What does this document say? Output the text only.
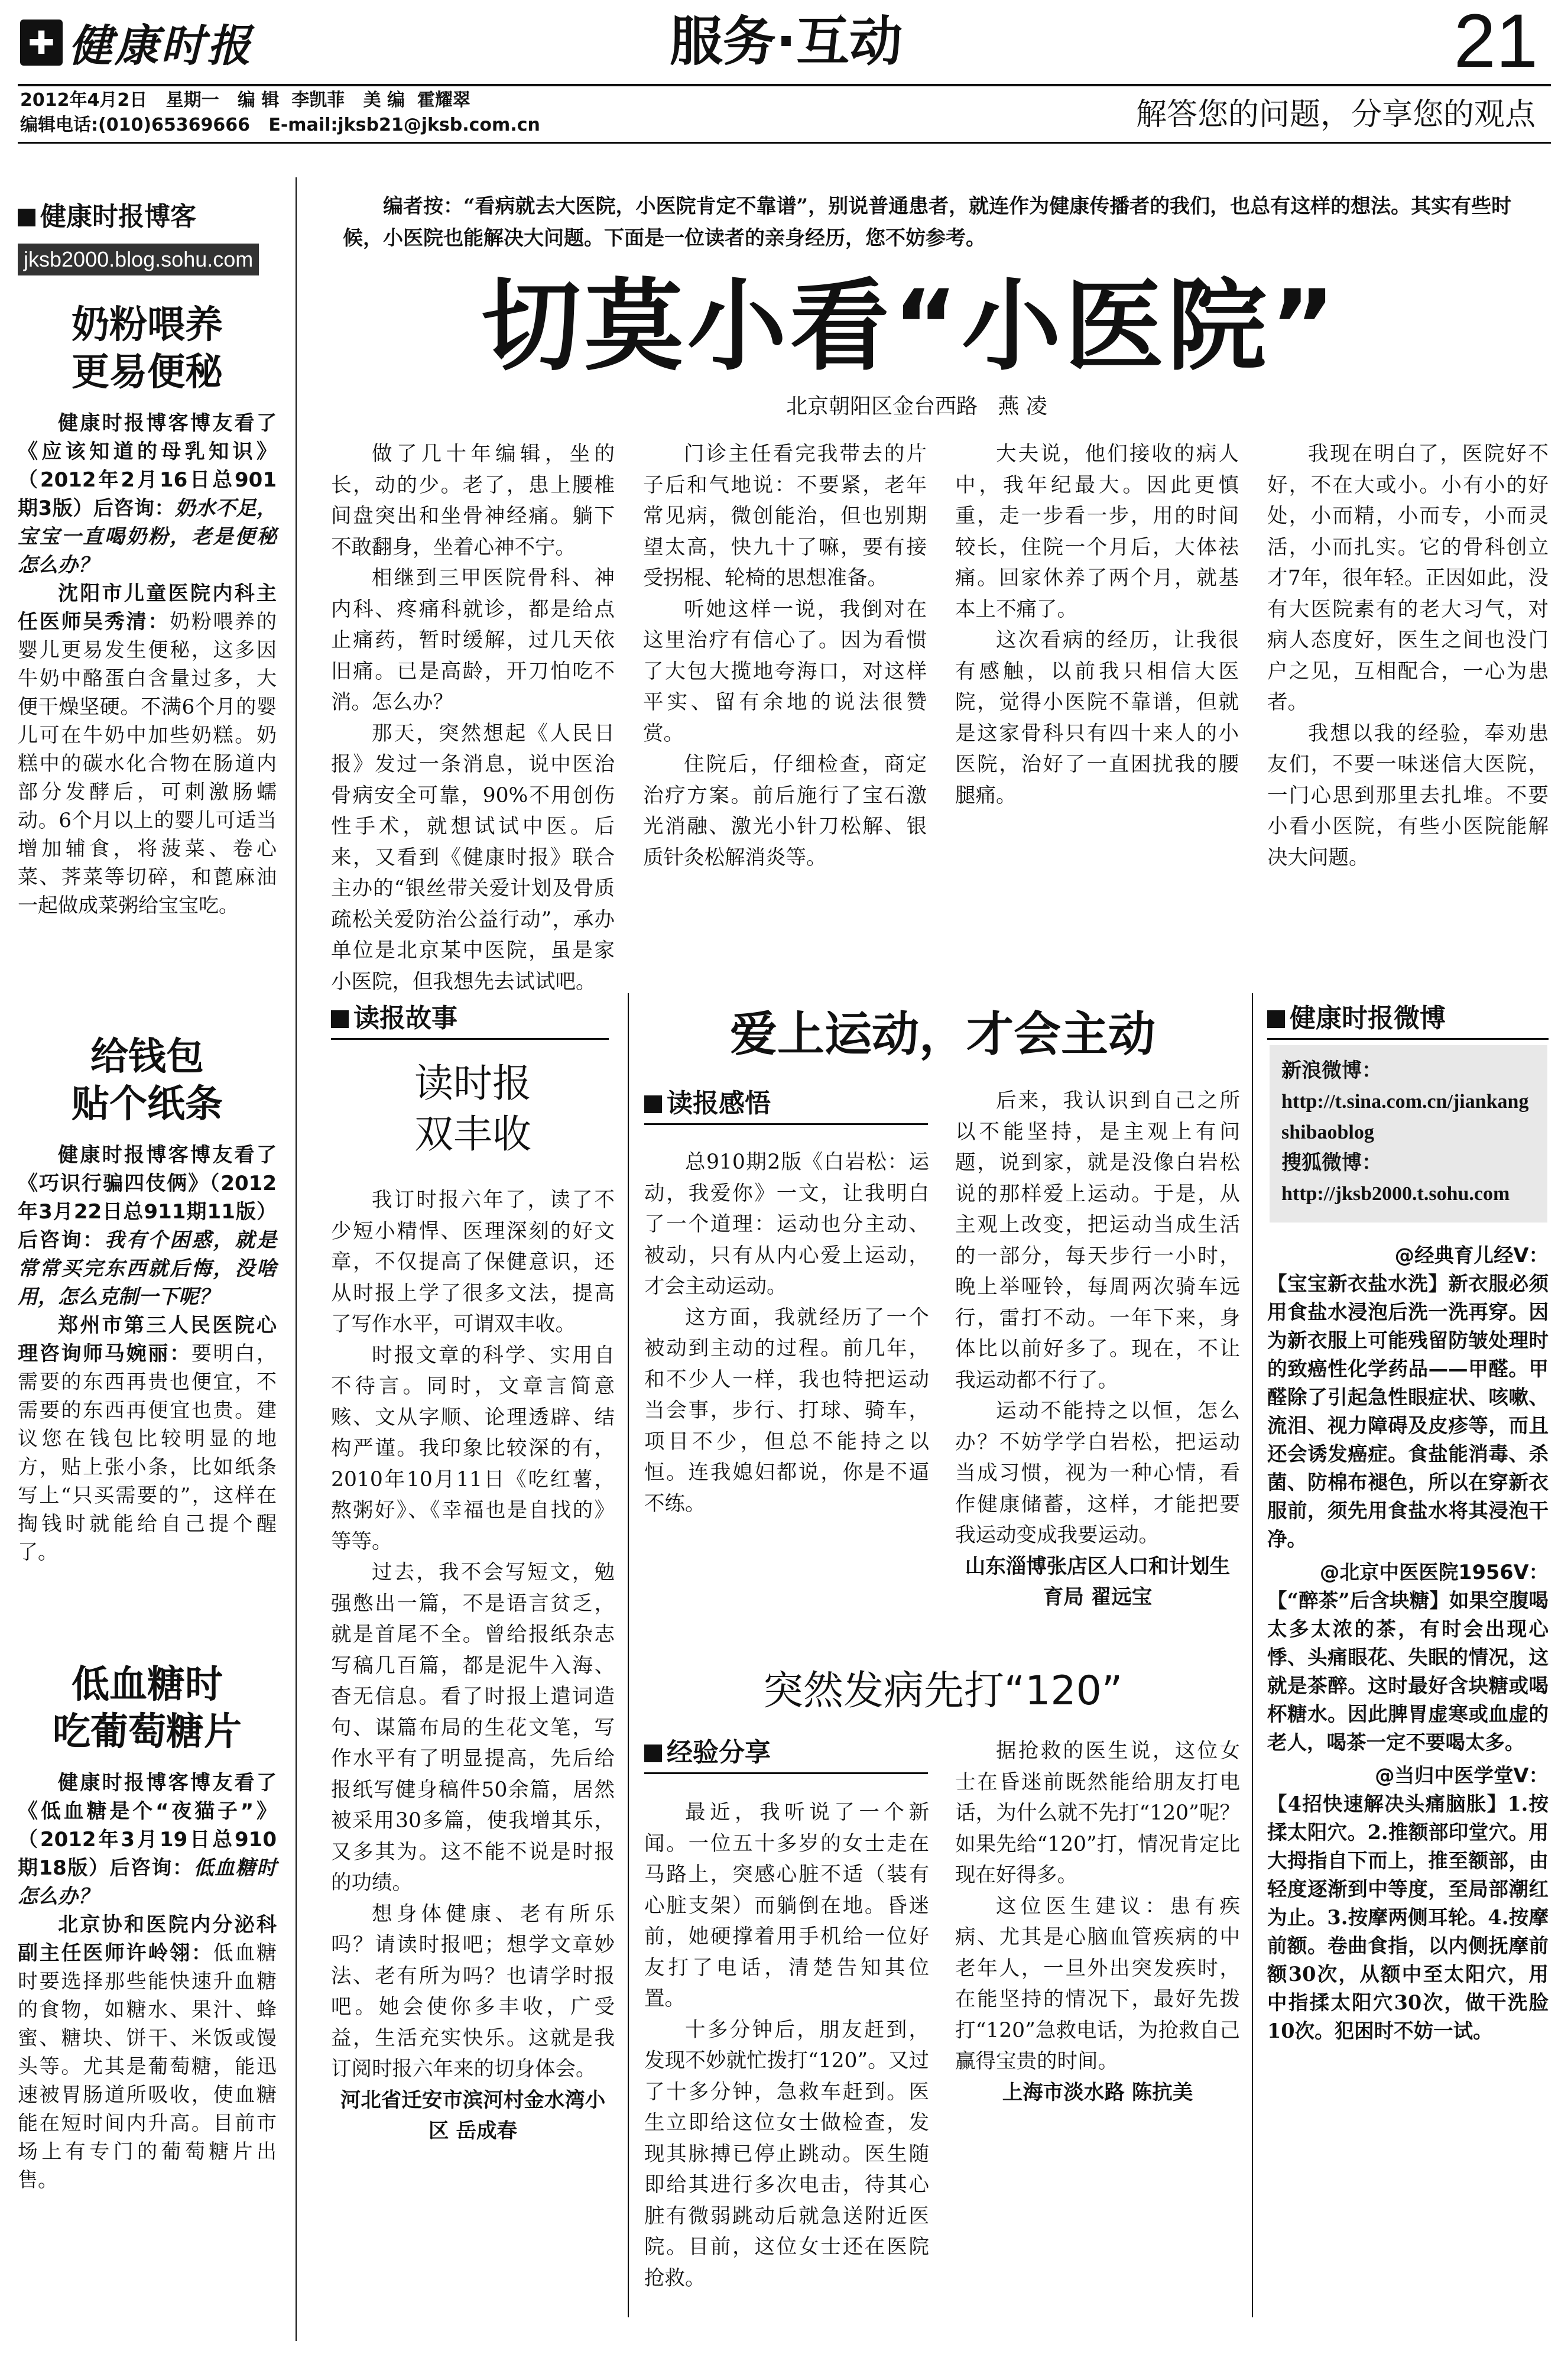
✚ 健康时报	服务·互动	21
2012年4月2日   星期一   编 辑  李凯菲   美 编  霍耀翠
编辑电话:(010)65369666   E-mail:jksb21@jksb.com.cn	解答您的问题，分享您的观点
健康时报博客
jksb2000.blog.sohu.com
奶粉喂养
更易便秘

健康时报博客博友看了《应该知道的母乳知识》（2012年2月16日总901期3版）后咨询：奶水不足，宝宝一直喝奶粉，老是便秘怎么办？

沈阳市儿童医院内科主任医师吴秀清：奶粉喂养的婴儿更易发生便秘，这多因牛奶中酪蛋白含量过多，大便干燥坚硬。不满6个月的婴儿可在牛奶中加些奶糕。奶糕中的碳水化合物在肠道内部分发酵后，可刺激肠蠕动。6个月以上的婴儿可适当增加辅食，将菠菜、卷心菜、荠菜等切碎，和蓖麻油一起做成菜粥给宝宝吃。

给钱包
贴个纸条

健康时报博客博友看了《巧识行骗四伎俩》（2012年3月22日总911期11版）后咨询：我有个困惑，就是常常买完东西就后悔，没啥用，怎么克制一下呢？

郑州市第三人民医院心理咨询师马婉丽：要明白，需要的东西再贵也便宜，不需要的东西再便宜也贵。建议您在钱包比较明显的地方，贴上张小条，比如纸条写上“只买需要的”，这样在掏钱时就能给自己提个醒了。

低血糖时
吃葡萄糖片

健康时报博客博友看了《低血糖是个“夜猫子”》（2012年3月19日总910期18版）后咨询：低血糖时怎么办？

北京协和医院内分泌科副主任医师许岭翎：低血糖时要选择那些能快速升血糖的食物，如糖水、果汁、蜂蜜、糖块、饼干、米饭或馒头等。尤其是葡萄糖，能迅速被胃肠道所吸收，使血糖能在短时间内升高。目前市场上有专门的葡萄糖片出售。

编者按：“看病就去大医院，小医院肯定不靠谱”，别说普通患者，就连作为健康传播者的我们，也总有这样的想法。其实有些时候，小医院也能解决大问题。下面是一位读者的亲身经历，您不妨参考。
切莫小看“小医院”
北京朝阳区金台西路   燕 凌

做了几十年编辑，坐的长，动的少。老了，患上腰椎间盘突出和坐骨神经痛。躺下不敢翻身，坐着心神不宁。

相继到三甲医院骨科、神内科、疼痛科就诊，都是给点止痛药，暂时缓解，过几天依旧痛。已是高龄，开刀怕吃不消。怎么办？

那天，突然想起《人民日报》发过一条消息，说中医治骨病安全可靠，90%不用创伤性手术，就想试试中医。后来，又看到《健康时报》联合主办的“银丝带关爱计划及骨质疏松关爱防治公益行动”，承办单位是北京某中医院，虽是家小医院，但我想先去试试吧。

门诊主任看完我带去的片子后和气地说：不要紧，老年常见病，微创能治，但也别期望太高，快九十了嘛，要有接受拐棍、轮椅的思想准备。

听她这样一说，我倒对在这里治疗有信心了。因为看惯了大包大揽地夸海口，对这样平实、留有余地的说法很赞赏。

住院后，仔细检查，商定治疗方案。前后施行了宝石激光消融、激光小针刀松解、银质针灸松解消炎等。

大夫说，他们接收的病人中，我年纪最大。因此更慎重，走一步看一步，用的时间较长，住院一个月后，大体祛痛。回家休养了两个月，就基本上不痛了。

这次看病的经历，让我很有感触，以前我只相信大医院，觉得小医院不靠谱，但就是这家骨科只有四十来人的小医院，治好了一直困扰我的腰腿痛。

我现在明白了，医院好不好，不在大或小。小有小的好处，小而精，小而专，小而灵活，小而扎实。它的骨科创立才7年，很年轻。正因如此，没有大医院素有的老大习气，对病人态度好，医生之间也没门户之见，互相配合，一心为患者。

我想以我的经验，奉劝患友们，不要一味迷信大医院，一门心思到那里去扎堆。不要小看小医院，有些小医院能解决大问题。

读报故事
读时报
双丰收

我订时报六年了，读了不少短小精悍、医理深刻的好文章，不仅提高了保健意识，还从时报上学了很多文法，提高了写作水平，可谓双丰收。

时报文章的科学、实用自不待言。同时，文章言简意赅、文从字顺、论理透辟、结构严谨。我印象比较深的有，2010年10月11日《吃红薯，熬粥好》、《幸福也是自找的》 等等。

过去，我不会写短文，勉强憋出一篇，不是语言贫乏，就是首尾不全。曾给报纸杂志写稿几百篇，都是泥牛入海、杳无信息。看了时报上遣词造句、谋篇布局的生花文笔，写作水平有了明显提高，先后给报纸写健身稿件50余篇，居然被采用30多篇，使我增其乐，又多其为。这不能不说是时报的功绩。

想身体健康、老有所乐吗？请读时报吧；想学文章妙法、老有所为吗？也请学时报吧。她会使你多丰收，广受益，生活充实快乐。这就是我订阅时报六年来的切身体会。

河北省迁安市滨河村金水湾小区 岳成春

爱上运动，才会主动
读报感悟

总910期2版《白岩松：运动，我爱你》一文，让我明白了一个道理：运动也分主动、被动，只有从内心爱上运动，才会主动运动。

这方面，我就经历了一个被动到主动的过程。前几年，和不少人一样，我也特把运动当会事，步行、打球、骑车，项目不少，但总不能持之以恒。连我媳妇都说，你是不逼不练。

后来，我认识到自己之所以不能坚持，是主观上有问题，说到家，就是没像白岩松说的那样爱上运动。于是，从主观上改变，把运动当成生活的一部分，每天步行一小时，晚上举哑铃，每周两次骑车远行，雷打不动。一年下来，身体比以前好多了。现在，不让我运动都不行了。

运动不能持之以恒，怎么办？不妨学学白岩松，把运动当成习惯，视为一种心情，看作健康储蓄，这样，才能把要我运动变成我要运动。

山东淄博张店区人口和计划生育局 翟远宝

突然发病先打“120”
经验分享

最近，我听说了一个新闻。一位五十多岁的女士走在马路上，突感心脏不适（装有心脏支架）而躺倒在地。昏迷前，她硬撑着用手机给一位好友打了电话，清楚告知其位置。

十多分钟后，朋友赶到，发现不妙就忙拨打“120”。又过了十多分钟，急救车赶到。医生立即给这位女士做检查，发现其脉搏已停止跳动。医生随即给其进行多次电击，待其心脏有微弱跳动后就急送附近医院。目前，这位女士还在医院抢救。

据抢救的医生说，这位女士在昏迷前既然能给朋友打电话，为什么就不先打“120”呢？如果先给“120”打，情况肯定比现在好得多。

这位医生建议：患有疾病、尤其是心脑血管疾病的中老年人，一旦外出突发疾时，在能坚持的情况下，最好先拨打“120”急救电话，为抢救自己赢得宝贵的时间。

上海市淡水路 陈抗美

健康时报微博
新浪微博：
http://t.sina.com.cn/jiankangshibaoblog
搜狐微博：
http://jksb2000.t.sohu.com

@经典育儿经V：

【宝宝新衣盐水洗】新衣服必须用食盐水浸泡后洗一洗再穿。因为新衣服上可能残留防皱处理时的致癌性化学药品——甲醛。甲醛除了引起急性眼症状、咳嗽、流泪、视力障碍及皮疹等，而且还会诱发癌症。食盐能消毒、杀菌、防棉布褪色，所以在穿新衣服前，须先用食盐水将其浸泡干净。

@北京中医医院1956V：

【“醉茶”后含块糖】如果空腹喝太多太浓的茶，有时会出现心悸、头痛眼花、失眠的情况，这就是茶醉。这时最好含块糖或喝杯糖水。因此脾胃虚寒或血虚的老人，喝茶一定不要喝太多。

@当归中医学堂V：

【4招快速解决头痛脑胀】1.按揉太阳穴。2.推额部印堂穴。用大拇指自下而上，推至额部，由轻度逐渐到中等度，至局部潮红为止。3.按摩两侧耳轮。4.按摩前额。卷曲食指，以内侧抚摩前额30次，从额中至太阳穴，用中指揉太阳穴30次，做干洗脸10次。犯困时不妨一试。
